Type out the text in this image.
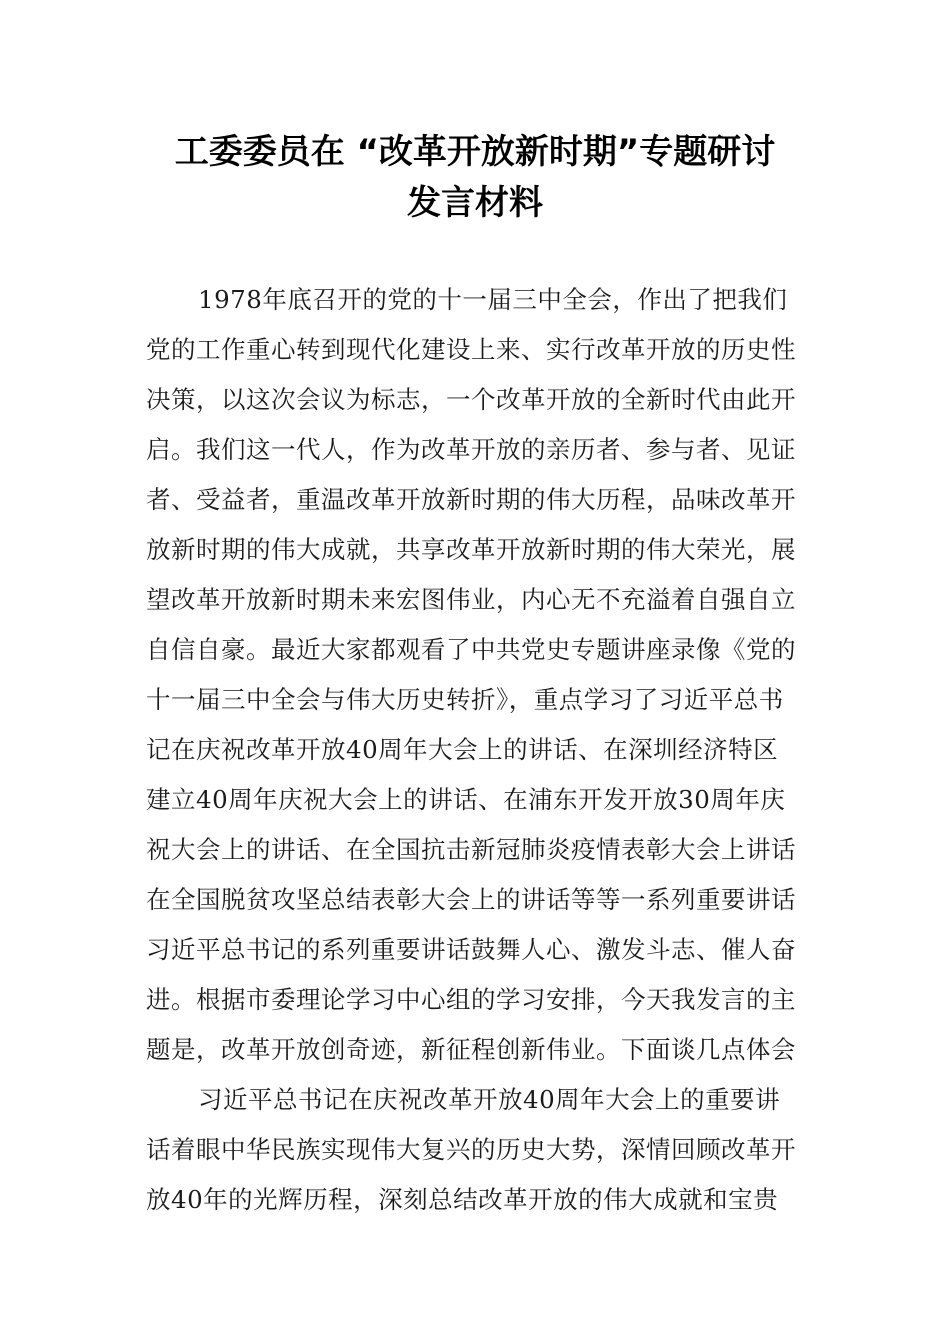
工委委员在 “改革开放新时期”专题研讨
发言材料
1978年底召开的党的十一届三中全会，作出了把我们
党的工作重心转到现代化建设上来、实行改革开放的历史性
决策，以这次会议为标志，一个改革开放的全新时代由此开
启。我们这一代人，作为改革开放的亲历者、参与者、见证
者、受益者，重温改革开放新时期的伟大历程，品味改革开
放新时期的伟大成就，共享改革开放新时期的伟大荣光，展
望改革开放新时期未来宏图伟业，内心无不充溢着自强自立
自信自豪。最近大家都观看了中共党史专题讲座录像《党的
十一届三中全会与伟大历史转折》，重点学习了习近平总书
记在庆祝改革开放40周年大会上的讲话、在深圳经济特区
建立40周年庆祝大会上的讲话、在浦东开发开放30周年庆
祝大会上的讲话、在全国抗击新冠肺炎疫情表彰大会上讲话
在全国脱贫攻坚总结表彰大会上的讲话等等一系列重要讲话
习近平总书记的系列重要讲话鼓舞人心、激发斗志、催人奋
进。根据市委理论学习中心组的学习安排，今天我发言的主
题是，改革开放创奇迹，新征程创新伟业。下面谈几点体会
习近平总书记在庆祝改革开放40周年大会上的重要讲
话着眼中华民族实现伟大复兴的历史大势，深情回顾改革开
放40年的光辉历程，深刻总结改革开放的伟大成就和宝贵
